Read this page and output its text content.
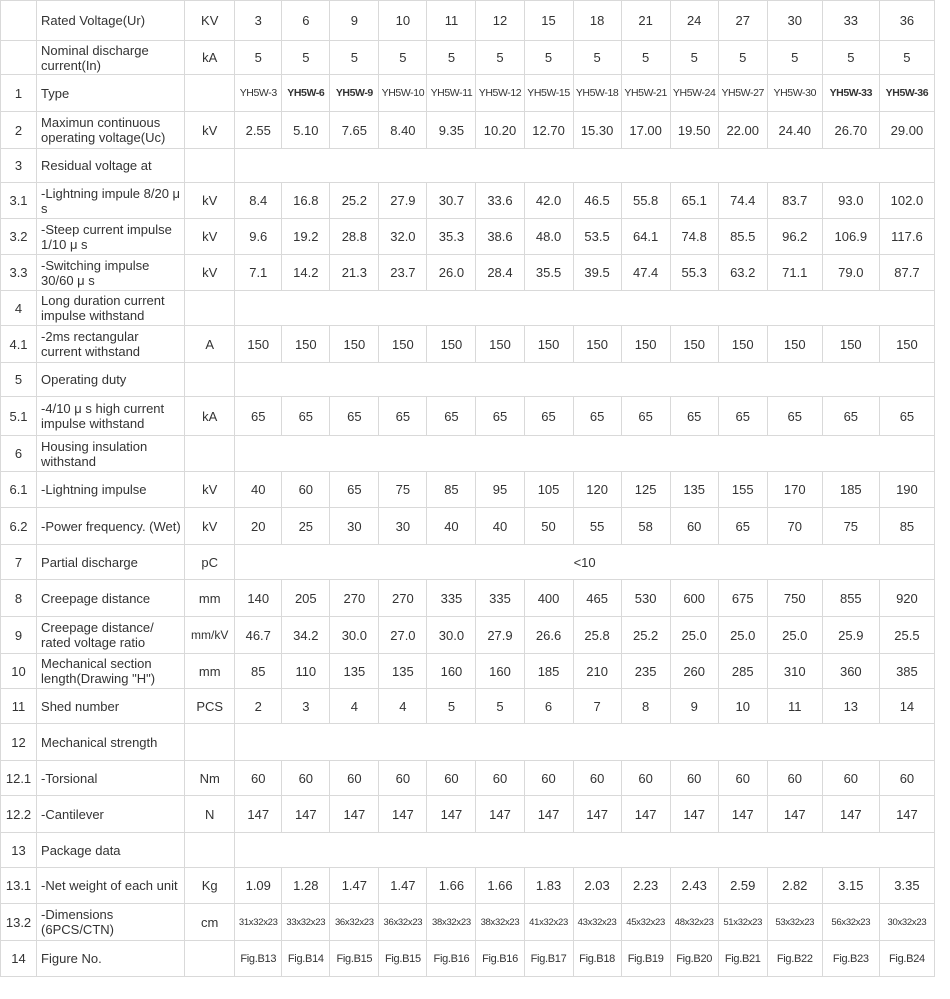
	Rated Voltage(Ur)	KV	3	6	9	10	11	12	15	18	21	24	27	30	33	36
	Nominal discharge current(In)	kA	5	5	5	5	5	5	5	5	5	5	5	5	5	5
1	Type		YH5W-3	YH5W-6	YH5W-9	YH5W-10	YH5W-11	YH5W-12	YH5W-15	YH5W-18	YH5W-21	YH5W-24	YH5W-27	YH5W-30	YH5W-33	YH5W-36
2	Maximun continuous operating voltage(Uc)	kV	2.55	5.10	7.65	8.40	9.35	10.20	12.70	15.30	17.00	19.50	22.00	24.40	26.70	29.00
3	Residual voltage at															
3.1	-Lightning impule 8/20 μ s	kV	8.4	16.8	25.2	27.9	30.7	33.6	42.0	46.5	55.8	65.1	74.4	83.7	93.0	102.0
3.2	-Steep current impulse 1/10 μ s	kV	9.6	19.2	28.8	32.0	35.3	38.6	48.0	53.5	64.1	74.8	85.5	96.2	106.9	117.6
3.3	-Switching impulse 30/60 μ s	kV	7.1	14.2	21.3	23.7	26.0	28.4	35.5	39.5	47.4	55.3	63.2	71.1	79.0	87.7
4	Long duration current impulse withstand															
4.1	-2ms rectangular current withstand	A	150	150	150	150	150	150	150	150	150	150	150	150	150	150
5	Operating duty															
5.1	-4/10 μ s high current impulse withstand	kA	65	65	65	65	65	65	65	65	65	65	65	65	65	65
6	Housing insulation withstand															
6.1	-Lightning impulse	kV	40	60	65	75	85	95	105	120	125	135	155	170	185	190
6.2	-Power frequency. (Wet)	kV	20	25	30	30	40	40	50	55	58	60	65	70	75	85
7	Partial discharge	pC	<10													
8	Creepage distance	mm	140	205	270	270	335	335	400	465	530	600	675	750	855	920
9	Creepage distance/ rated voltage ratio	mm/kV	46.7	34.2	30.0	27.0	30.0	27.9	26.6	25.8	25.2	25.0	25.0	25.0	25.9	25.5
10	Mechanical section length(Drawing "H")	mm	85	110	135	135	160	160	185	210	235	260	285	310	360	385
11	Shed number	PCS	2	3	4	4	5	5	6	7	8	9	10	11	13	14
12	Mechanical strength															
12.1	-Torsional	Nm	60	60	60	60	60	60	60	60	60	60	60	60	60	60
12.2	-Cantilever	N	147	147	147	147	147	147	147	147	147	147	147	147	147	147
13	Package data															
13.1	-Net weight of each unit	Kg	1.09	1.28	1.47	1.47	1.66	1.66	1.83	2.03	2.23	2.43	2.59	2.82	3.15	3.35
13.2	-Dimensions (6PCS/CTN)	cm	31x32x23	33x32x23	36x32x23	36x32x23	38x32x23	38x32x23	41x32x23	43x32x23	45x32x23	48x32x23	51x32x23	53x32x23	56x32x23	30x32x23
14	Figure No.		Fig.B13	Fig.B14	Fig.B15	Fig.B15	Fig.B16	Fig.B16	Fig.B17	Fig.B18	Fig.B19	Fig.B20	Fig.B21	Fig.B22	Fig.B23	Fig.B24
